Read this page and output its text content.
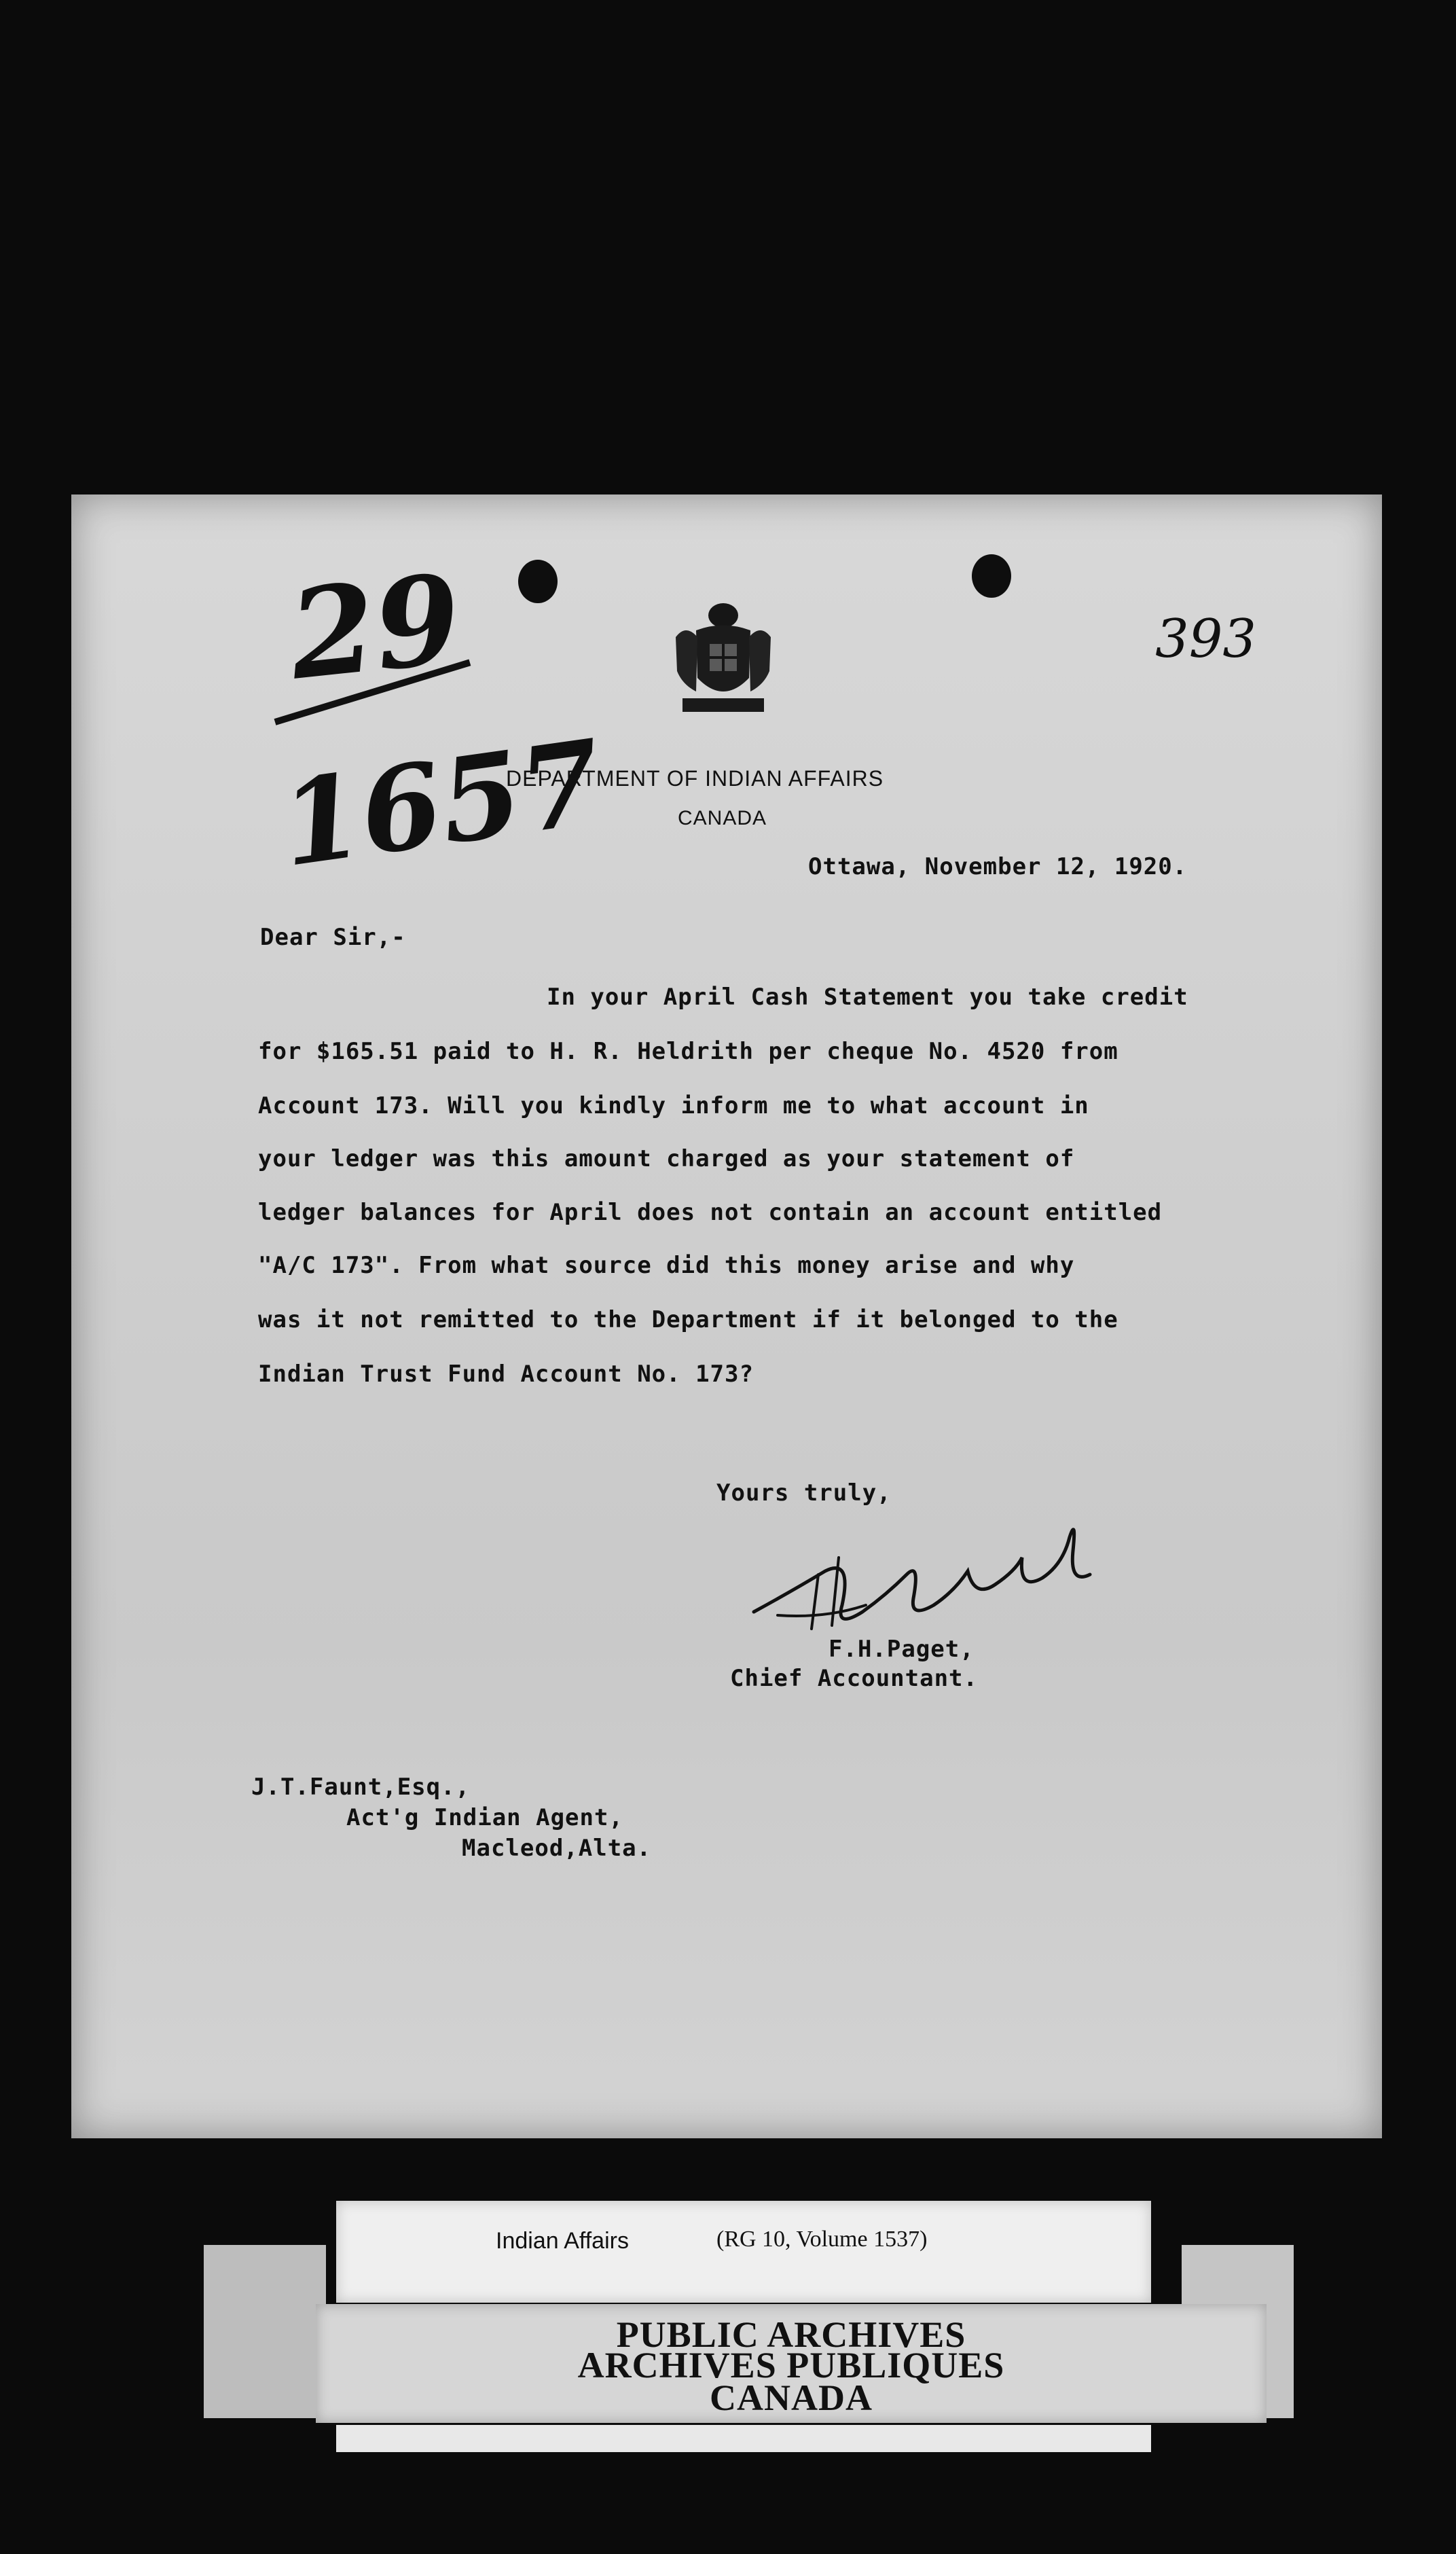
29
1657
393
DEPARTMENT OF INDIAN AFFAIRS
CANADA
Ottawa, November 12, 1920.
Dear Sir,-
In your April Cash Statement you take credit
for $165.51 paid to H. R. Heldrith per cheque No. 4520 from
Account 173. Will you kindly inform me to what account in
your ledger was this amount charged as your statement of
ledger balances for April does not contain an account entitled
"A/C 173". From what source did this money arise and why
was it not remitted to the Department if it belonged to the
Indian Trust Fund Account No. 173?
Yours truly,
F.H.Paget,
Chief Accountant.
J.T.Faunt,Esq.,
Act'g Indian Agent,
Macleod,Alta.
Indian Affairs	(RG 10, Volume 1537)
PUBLIC ARCHIVES
ARCHIVES PUBLIQUES
CANADA
